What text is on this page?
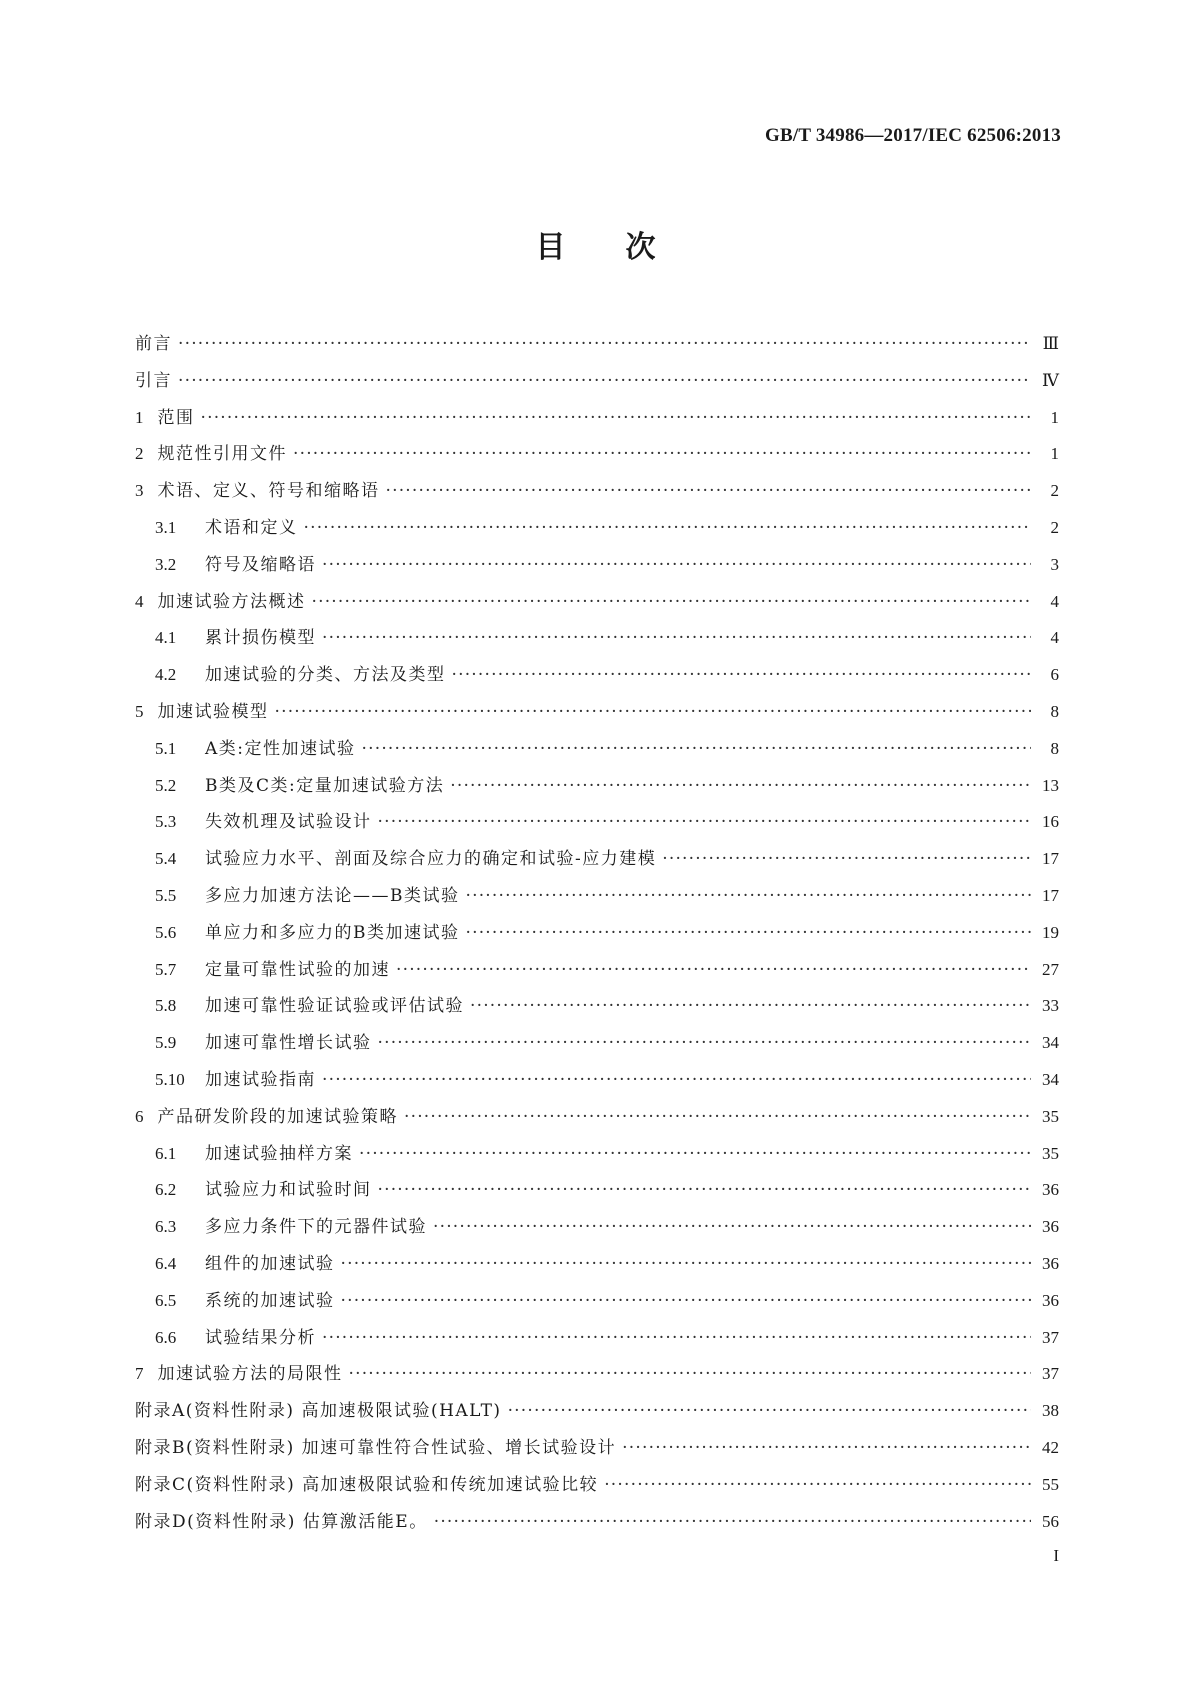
GB/T 34986—2017/IEC 62506:2013
目次
前言 ·····	Ⅲ
引言 ·····	Ⅳ
1 范围 ·····	1
2 规范性引用文件 ·····	1
3 术语、定义、符号和缩略语 ·····	2
3.1	术语和定义 ·····	2
3.2	符号及缩略语 ·····	3
4 加速试验方法概述 ·····	4
4.1	累计损伤模型 ·····	4
4.2	加速试验的分类、方法及类型 ·····	6
5 加速试验模型 ·····	8
5.1	A类:定性加速试验 ·····	8
5.2	B类及C类:定量加速试验方法 ·····	13
5.3	失效机理及试验设计 ·····	16
5.4	试验应力水平、剖面及综合应力的确定和试验-应力建模 ·····	17
5.5	多应力加速方法论——B类试验 ·····	17
5.6	单应力和多应力的B类加速试验 ·····	19
5.7	定量可靠性试验的加速 ·····	27
5.8	加速可靠性验证试验或评估试验 ·····	33
5.9	加速可靠性增长试验 ·····	34
5.10	加速试验指南 ·····	34
6 产品研发阶段的加速试验策略 ·····	35
6.1	加速试验抽样方案 ·····	35
6.2	试验应力和试验时间 ·····	36
6.3	多应力条件下的元器件试验 ·····	36
6.4	组件的加速试验 ·····	36
6.5	系统的加速试验 ·····	36
6.6	试验结果分析 ·····	37
7 加速试验方法的局限性 ·····	37
附录A(资料性附录) 高加速极限试验(HALT) ·····	38
附录B(资料性附录) 加速可靠性符合性试验、增长试验设计 ·····	42
附录C(资料性附录) 高加速极限试验和传统加速试验比较 ·····	55
附录D(资料性附录) 估算激活能E。 ·····	56
I
